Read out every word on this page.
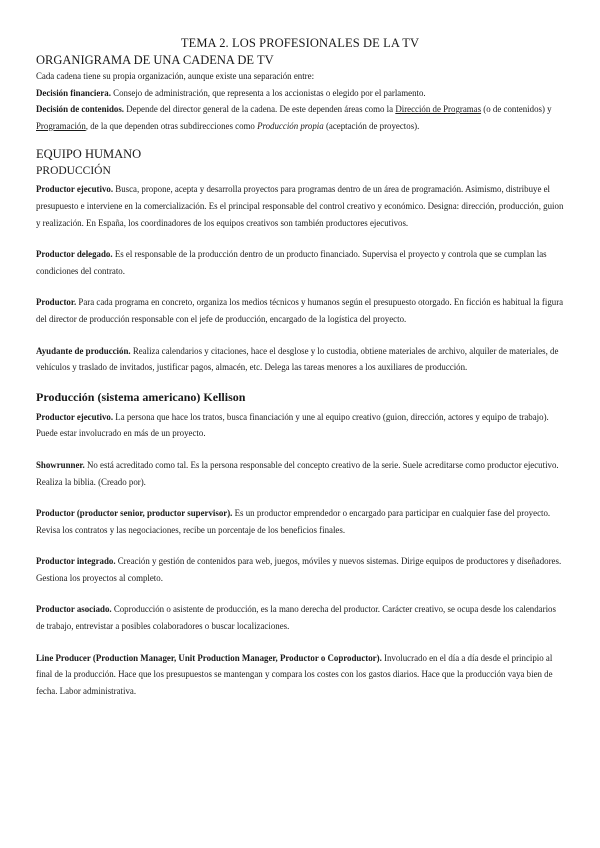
TEMA 2. LOS PROFESIONALES DE LA TV
ORGANIGRAMA DE UNA CADENA DE TV

Cada cadena tiene su propia organización, aunque existe una separación entre:

Decisión financiera. Consejo de administración, que representa a los accionistas o elegido por el parlamento.

Decisión de contenidos. Depende del director general de la cadena. De este dependen áreas como la Dirección de Programas (o de contenidos) y Programación, de la que dependen otras subdirecciones como Producción propia (aceptación de proyectos).

EQUIPO HUMANO
PRODUCCIÓN

Productor ejecutivo. Busca, propone, acepta y desarrolla proyectos para programas dentro de un área de programación. Asimismo, distribuye el presupuesto e interviene en la comercialización. Es el principal responsable del control creativo y económico. Designa: dirección, producción, guion y realización. En España, los coordinadores de los equipos creativos son también productores ejecutivos.

Productor delegado. Es el responsable de la producción dentro de un producto financiado. Supervisa el proyecto y controla que se cumplan las condiciones del contrato.

Productor. Para cada programa en concreto, organiza los medios técnicos y humanos según el presupuesto otorgado. En ficción es habitual la figura del director de producción responsable con el jefe de producción, encargado de la logística del proyecto.

Ayudante de producción. Realiza calendarios y citaciones, hace el desglose y lo custodia, obtiene materiales de archivo, alquiler de materiales, de vehículos y traslado de invitados, justificar pagos, almacén, etc. Delega las tareas menores a los auxiliares de producción.

Producción (sistema americano) Kellison

Productor ejecutivo. La persona que hace los tratos, busca financiación y une al equipo creativo (guion, dirección, actores y equipo de trabajo). Puede estar involucrado en más de un proyecto.

Showrunner. No está acreditado como tal. Es la persona responsable del concepto creativo de la serie. Suele acreditarse como productor ejecutivo. Realiza la biblia. (Creado por).

Productor (productor senior, productor supervisor). Es un productor emprendedor o encargado para participar en cualquier fase del proyecto. Revisa los contratos y las negociaciones, recibe un porcentaje de los beneficios finales.

Productor integrado. Creación y gestión de contenidos para web, juegos, móviles y nuevos sistemas. Dirige equipos de productores y diseñadores. Gestiona los proyectos al completo.

Productor asociado. Coproducción o asistente de producción, es la mano derecha del productor. Carácter creativo, se ocupa desde los calendarios de trabajo, entrevistar a posibles colaboradores o buscar localizaciones.

Line Producer (Production Manager, Unit Production Manager, Productor o Coproductor). Involucrado en el día a día desde el principio al final de la producción. Hace que los presupuestos se mantengan y compara los costes con los gastos diarios. Hace que la producción vaya bien de fecha. Labor administrativa.
